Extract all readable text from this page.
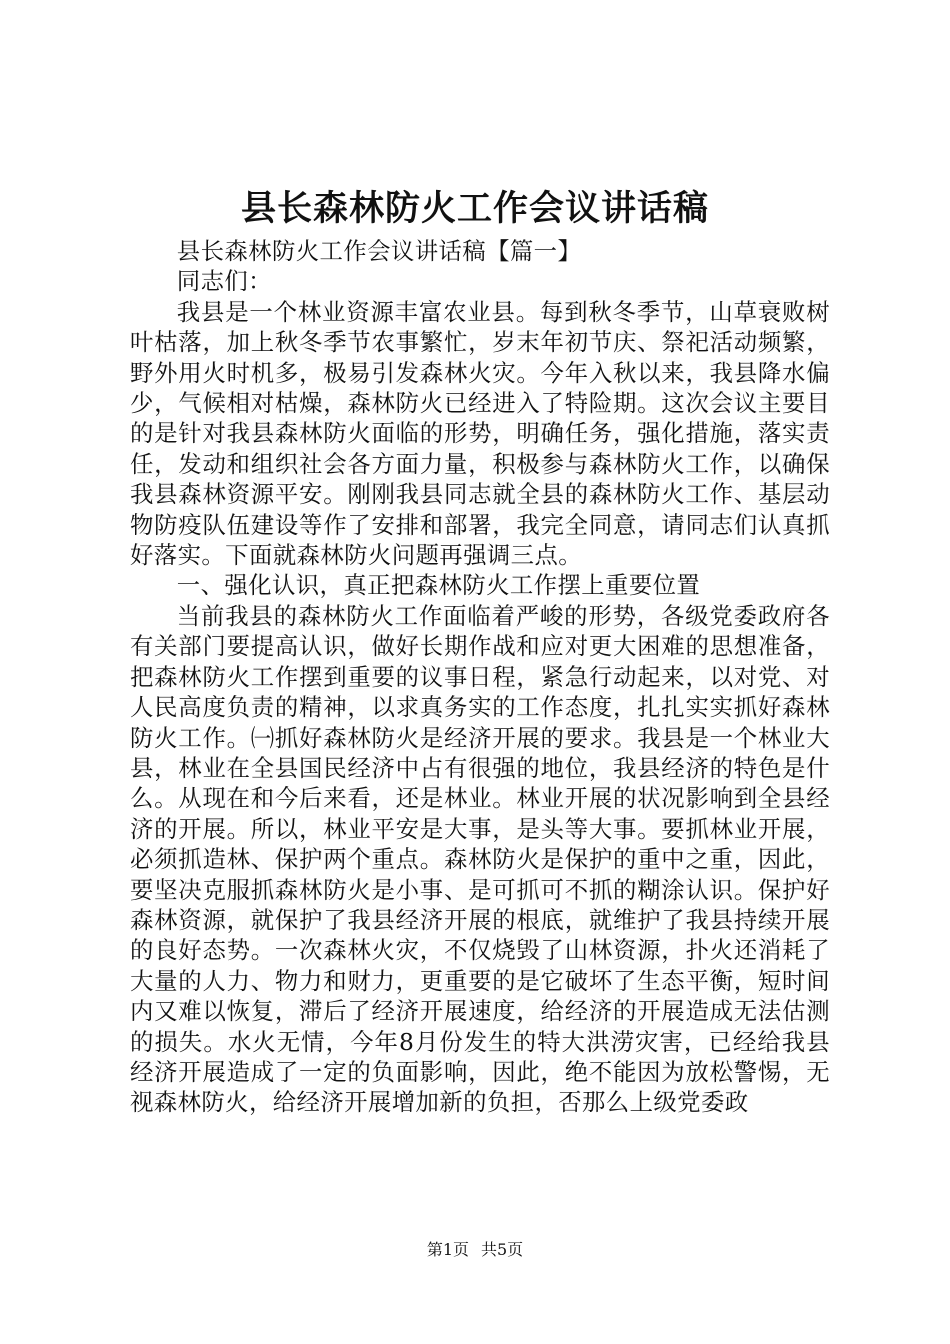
县长森林防火工作会议讲话稿

县长森林防火工作会议讲话稿【篇一】

同志们：

我县是一个林业资源丰富农业县。每到秋冬季节，山草衰败树叶枯落，加上秋冬季节农事繁忙，岁末年初节庆、祭祀活动频繁，野外用火时机多，极易引发森林火灾。今年入秋以来，我县降水偏少，气候相对枯燥，森林防火已经进入了特险期。这次会议主要目的是针对我县森林防火面临的形势，明确任务，强化措施，落实责任，发动和组织社会各方面力量，积极参与森林防火工作，以确保我县森林资源平安。刚刚我县同志就全县的森林防火工作、基层动物防疫队伍建设等作了安排和部署，我完全同意，请同志们认真抓好落实。下面就森林防火问题再强调三点。

一、强化认识，真正把森林防火工作摆上重要位置

当前我县的森林防火工作面临着严峻的形势，各级党委政府各有关部门要提高认识，做好长期作战和应对更大困难的思想准备，把森林防火工作摆到重要的议事日程，紧急行动起来，以对党、对人民高度负责的精神，以求真务实的工作态度，扎扎实实抓好森林防火工作。㈠抓好森林防火是经济开展的要求。我县是一个林业大县，林业在全县国民经济中占有很强的地位，我县经济的特色是什么。从现在和今后来看，还是林业。林业开展的状况影响到全县经济的开展。所以，林业平安是大事，是头等大事。要抓林业开展，必须抓造林、保护两个重点。森林防火是保护的重中之重，因此，要坚决克服抓森林防火是小事、是可抓可不抓的糊涂认识。保护好森林资源，就保护了我县经济开展的根底，就维护了我县持续开展的良好态势。一次森林火灾，不仅烧毁了山林资源，扑火还消耗了大量的人力、物力和财力，更重要的是它破坏了生态平衡，短时间内又难以恢复，滞后了经济开展速度，给经济的开展造成无法估测的损失。水火无情，今年8月份发生的特大洪涝灾害，已经给我县经济开展造成了一定的负面影响，因此，绝不能因为放松警惕，无视森林防火，给经济开展增加新的负担，否那么上级党委政

第1页 共5页
